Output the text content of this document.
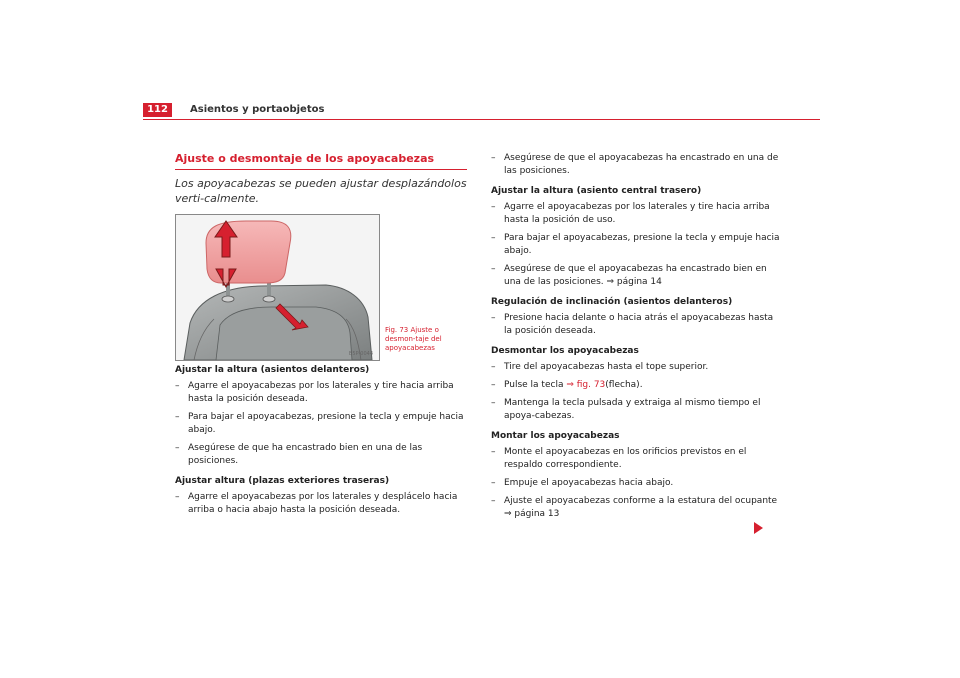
112	Asientos y portaobjetos
Ajuste o desmontaje de los apoyacabezas
Los apoyacabezas se pueden ajustar desplazándolos verti-calmente.
B5P-0044
Fig. 73 Ajuste o desmon-taje del apoyacabezas
Ajustar la altura (asientos delanteros)
– Agarre el apoyacabezas por los laterales y tire hacia arriba hasta la posición deseada.
– Para bajar el apoyacabezas, presione la tecla y empuje hacia abajo.
– Asegúrese de que ha encastrado bien en una de las posiciones.
Ajustar altura (plazas exteriores traseras)
– Agarre el apoyacabezas por los laterales y desplácelo hacia arriba o hacia abajo hasta la posición deseada.
– Asegúrese de que el apoyacabezas ha encastrado en una de las posiciones.
Ajustar la altura (asiento central trasero)
– Agarre el apoyacabezas por los laterales y tire hacia arriba hasta la posición de uso.
– Para bajar el apoyacabezas, presione la tecla y empuje hacia abajo.
– Asegúrese de que el apoyacabezas ha encastrado bien en una de las posiciones. ⇒ página 14
Regulación de inclinación (asientos delanteros)
– Presione hacia delante o hacia atrás el apoyacabezas hasta la posición deseada.
Desmontar los apoyacabezas
– Tire del apoyacabezas hasta el tope superior.
– Pulse la tecla ⇒ fig. 73(flecha).
– Mantenga la tecla pulsada y extraiga al mismo tiempo el apoya-cabezas.
Montar los apoyacabezas
– Monte el apoyacabezas en los orificios previstos en el respaldo correspondiente.
– Empuje el apoyacabezas hacia abajo.
– Ajuste el apoyacabezas conforme a la estatura del ocupante
⇒ página 13
